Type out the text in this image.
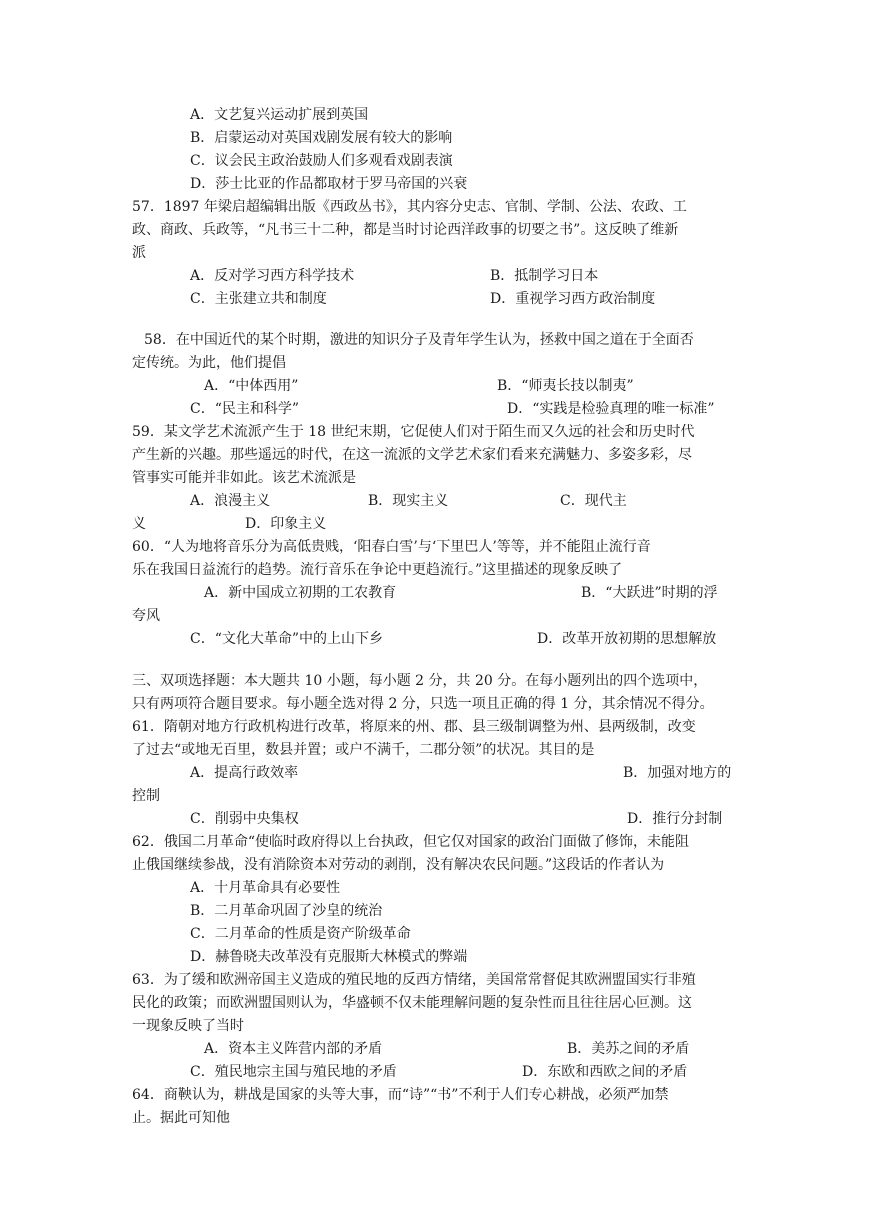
A．文艺复兴运动扩展到英国
B．启蒙运动对英国戏剧发展有较大的影响
C．议会民主政治鼓励人们多观看戏剧表演
D．莎士比亚的作品都取材于罗马帝国的兴衰
57．1897 年梁启超编辑出版《西政丛书》，其内容分史志、官制、学制、公法、农政、工
政、商政、兵政等，“凡书三十二种，都是当时讨论西洋政事的切要之书”。这反映了维新
派
A．反对学习西方科学技术	B．抵制学习日本
C．主张建立共和制度	D．重视学习西方政治制度
58．在中国近代的某个时期，激进的知识分子及青年学生认为，拯救中国之道在于全面否
定传统。为此，他们提倡
A．“中体西用”	B．“师夷长技以制夷”
C．“民主和科学”	D．“实践是检验真理的唯一标准”
59．某文学艺术流派产生于 18 世纪末期，它促使人们对于陌生而又久远的社会和历史时代
产生新的兴趣。那些遥远的时代，在这一流派的文学艺术家们看来充满魅力、多姿多彩，尽
管事实可能并非如此。该艺术流派是
A．浪漫主义	B．现实主义	C．现代主
义	D．印象主义
60．“人为地将音乐分为高低贵贱，‘阳春白雪’与‘下里巴人’等等，并不能阻止流行音
乐在我国日益流行的趋势。流行音乐在争论中更趋流行。”这里描述的现象反映了
A．新中国成立初期的工农教育	B．“大跃进”时期的浮
夸风
C．“文化大革命”中的上山下乡	D．改革开放初期的思想解放
三、双项选择题：本大题共 10 小题，每小题 2 分，共 20 分。在每小题列出的四个选项中，
只有两项符合题目要求。每小题全选对得 2 分，只选一项且正确的得 1 分，其余情况不得分。
61．隋朝对地方行政机构进行改革，将原来的州、郡、县三级制调整为州、县两级制，改变
了过去“或地无百里，数县并置；或户不满千，二郡分领”的状况。其目的是
A．提高行政效率	B．加强对地方的
控制
C．削弱中央集权	D．推行分封制
62．俄国二月革命“使临时政府得以上台执政，但它仅对国家的政治门面做了修饰，未能阻
止俄国继续参战，没有消除资本对劳动的剥削，没有解决农民问题。”这段话的作者认为
A．十月革命具有必要性
B．二月革命巩固了沙皇的统治
C．二月革命的性质是资产阶级革命
D．赫鲁晓夫改革没有克服斯大林模式的弊端
63．为了缓和欧洲帝国主义造成的殖民地的反西方情绪，美国常常督促其欧洲盟国实行非殖
民化的政策；而欧洲盟国则认为，华盛顿不仅未能理解问题的复杂性而且往往居心叵测。这
一现象反映了当时
A．资本主义阵营内部的矛盾	B．美苏之间的矛盾
C．殖民地宗主国与殖民地的矛盾	D．东欧和西欧之间的矛盾
64．商鞅认为，耕战是国家的头等大事，而“诗”“书”不利于人们专心耕战，必须严加禁
止。据此可知他
